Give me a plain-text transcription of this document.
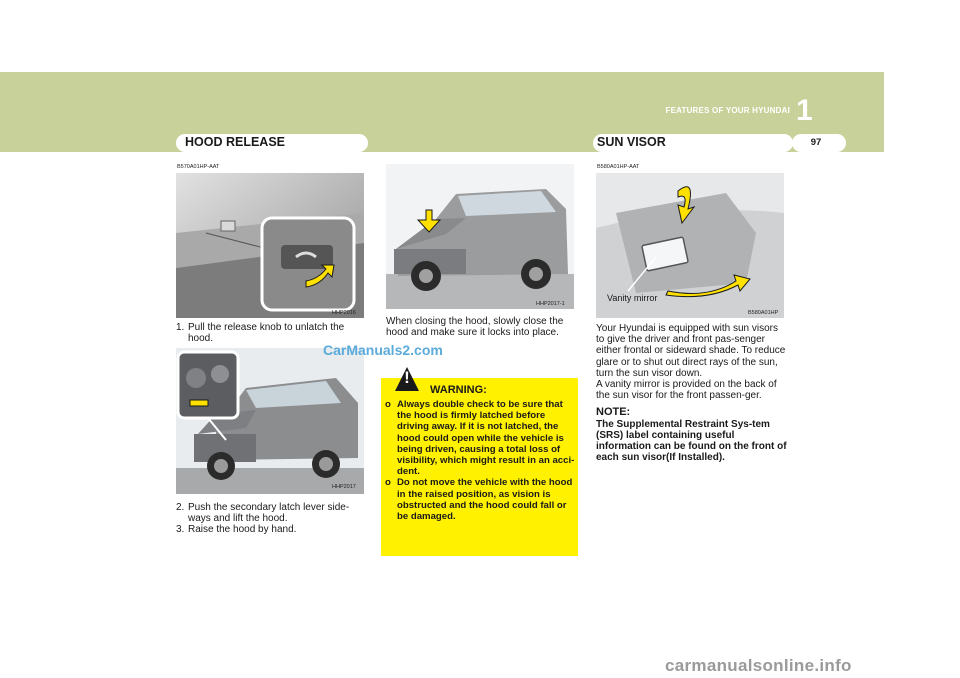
FEATURES OF YOUR HYUNDAI 1
HOOD RELEASE	SUN VISOR	97
B570A01HP-AAT
HHP2016
1. Pull the release knob to unlatch the hood.
HHP2017
2. Push the secondary latch lever side-ways and lift the hood.
3. Raise the hood by hand.
HHP2017-1
When closing the hood, slowly close the hood and make sure it locks into place.
!
WARNING:
o Always double check to be sure that the hood is firmly latched before driving away. If it is not latched, the hood could open while the vehicle is being driven, causing a total loss of visibility, which might result in an acci-dent.
o Do not move the vehicle with the hood in the raised position, as vision is obstructed and the hood could fall or be damaged.
B580A01HP-AAT
Vanity mirror
B580A01HP
Your Hyundai is equipped with sun visors to give the driver and front pas-senger either frontal or sideward shade. To reduce glare or to shut out direct rays of the sun, turn the sun visor down.
A vanity mirror is provided on the back of the sun visor for the front passen-ger.
NOTE:
The Supplemental Restraint Sys-tem (SRS) label containing useful information can be found on the front of each sun visor(If Installed).
CarManuals2.com
carmanualsonline.info
